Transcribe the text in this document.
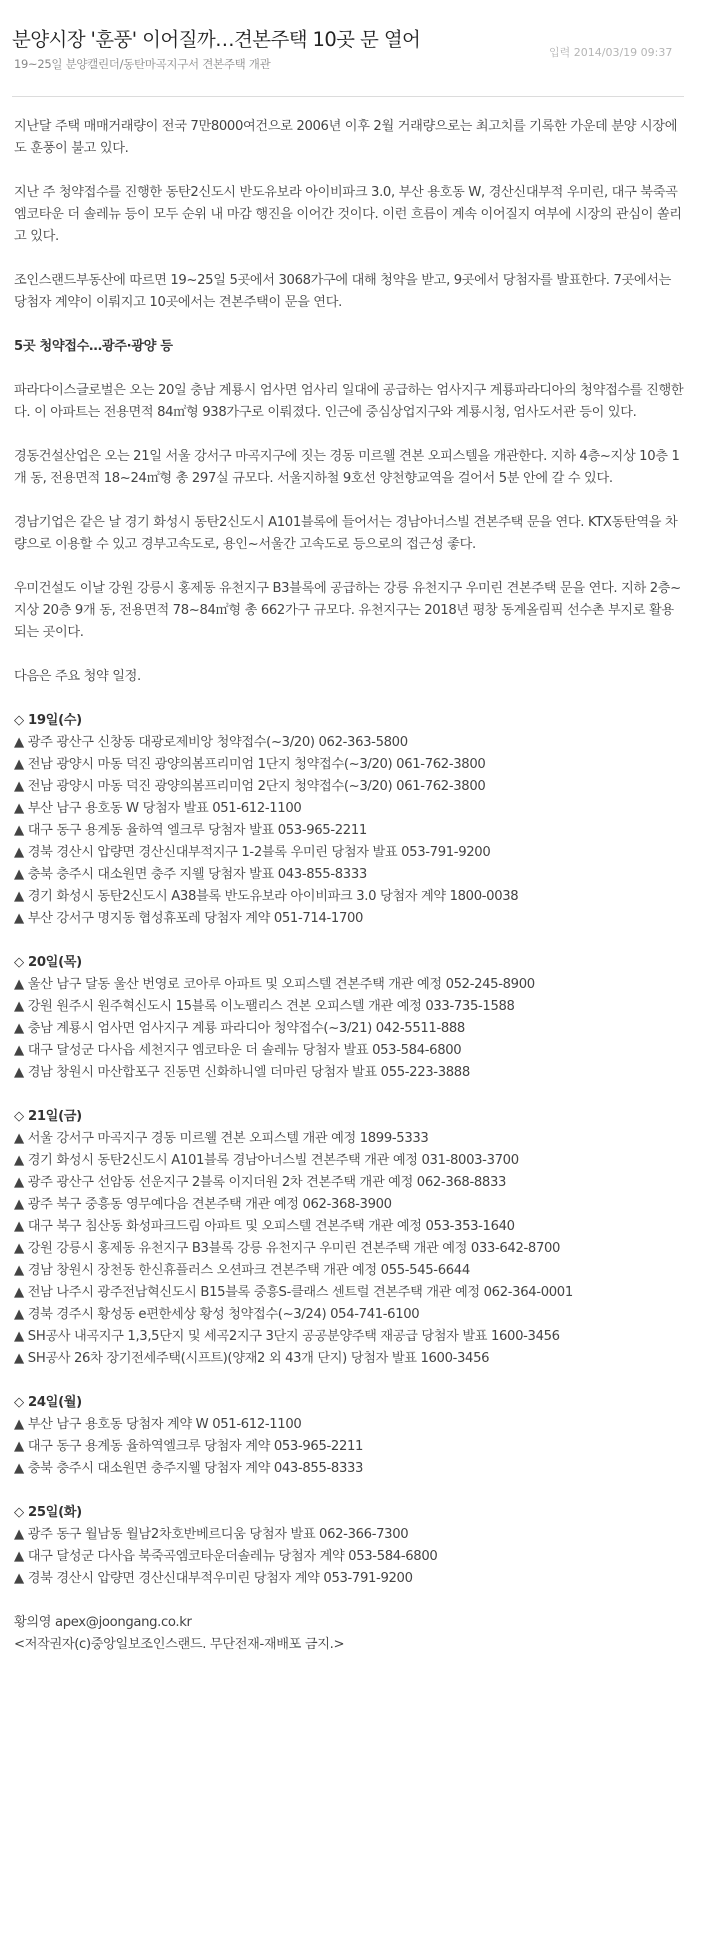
분양시장 '훈풍' 이어질까…견본주택 10곳 문 열어
입력 2014/03/19 09:37
19~25일 분양캘린더/동탄마곡지구서 견본주택 개관

지난달 주택 매매거래량이 전국 7만8000여건으로 2006년 이후 2월 거래량으로는 최고치를 기록한 가운데 분양 시장에도 훈풍이 불고 있다.

지난 주 청약접수를 진행한 동탄2신도시 반도유보라 아이비파크 3.0, 부산 용호동 W, 경산신대부적 우미린, 대구 북죽곡 엠코타운 더 솔레뉴 등이 모두 순위 내 마감 행진을 이어간 것이다. 이런 흐름이 계속 이어질지 여부에 시장의 관심이 쏠리고 있다.

조인스랜드부동산에 따르면 19~25일 5곳에서 3068가구에 대해 청약을 받고, 9곳에서 당첨자를 발표한다. 7곳에서는 당첨자 계약이 이뤄지고 10곳에서는 견본주택이 문을 연다.

5곳 청약접수…광주·광양 등

파라다이스글로벌은 오는 20일 충남 계룡시 엄사면 엄사리 일대에 공급하는 엄사지구 계룡파라디아의 청약접수를 진행한다. 이 아파트는 전용면적 84㎡형 938가구로 이뤄졌다. 인근에 중심상업지구와 계룡시청, 엄사도서관 등이 있다.

경동건설산업은 오는 21일 서울 강서구 마곡지구에 짓는 경동 미르웰 견본 오피스텔을 개관한다. 지하 4층~지상 10층 1개 동, 전용면적 18~24㎡형 총 297실 규모다. 서울지하철 9호선 양천향교역을 걸어서 5분 안에 갈 수 있다.

경남기업은 같은 날 경기 화성시 동탄2신도시 A101블록에 들어서는 경남아너스빌 견본주택 문을 연다. KTX동탄역을 차량으로 이용할 수 있고 경부고속도로, 용인~서울간 고속도로 등으로의 접근성 좋다.

우미건설도 이날 강원 강릉시 홍제동 유천지구 B3블록에 공급하는 강릉 유천지구 우미린 견본주택 문을 연다. 지하 2층~지상 20층 9개 동, 전용면적 78~84㎡형 총 662가구 규모다. 유천지구는 2018년 평창 동계올림픽 선수촌 부지로 활용되는 곳이다.

다음은 주요 청약 일정.

◇ 19일(수)

▲ 광주 광산구 신창동 대광로제비앙 청약접수(~3/20) 062-363-5800

▲ 전남 광양시 마동 덕진 광양의봄프리미엄 1단지 청약접수(~3/20) 061-762-3800

▲ 전남 광양시 마동 덕진 광양의봄프리미엄 2단지 청약접수(~3/20) 061-762-3800

▲ 부산 남구 용호동 W 당첨자 발표 051-612-1100

▲ 대구 동구 용계동 율하역 엘크루 당첨자 발표 053-965-2211

▲ 경북 경산시 압량면 경산신대부적지구 1-2블록 우미린 당첨자 발표 053-791-9200

▲ 충북 충주시 대소원면 충주 지웰 당첨자 발표 043-855-8333

▲ 경기 화성시 동탄2신도시 A38블록 반도유보라 아이비파크 3.0 당첨자 계약 1800-0038

▲ 부산 강서구 명지동 협성휴포레 당첨자 계약 051-714-1700

◇ 20일(목)

▲ 울산 남구 달동 울산 번영로 코아루 아파트 및 오피스텔 견본주택 개관 예정 052-245-8900

▲ 강원 원주시 원주혁신도시 15블록 이노팰리스 견본 오피스텔 개관 예정 033-735-1588

▲ 충남 계룡시 엄사면 엄사지구 계룡 파라디아 청약접수(~3/21) 042-5511-888

▲ 대구 달성군 다사읍 세천지구 엠코타운 더 솔레뉴 당첨자 발표 053-584-6800

▲ 경남 창원시 마산합포구 진동면 신화하니엘 더마린 당첨자 발표 055-223-3888

◇ 21일(금)

▲ 서울 강서구 마곡지구 경동 미르웰 견본 오피스텔 개관 예정 1899-5333

▲ 경기 화성시 동탄2신도시 A101블록 경남아너스빌 견본주택 개관 예정 031-8003-3700

▲ 광주 광산구 선암동 선운지구 2블록 이지더원 2차 견본주택 개관 예정 062-368-8833

▲ 광주 북구 중흥동 영무예다음 견본주택 개관 예정 062-368-3900

▲ 대구 북구 침산동 화성파크드림 아파트 및 오피스텔 견본주택 개관 예정 053-353-1640

▲ 강원 강릉시 홍제동 유천지구 B3블록 강릉 유천지구 우미린 견본주택 개관 예정 033-642-8700

▲ 경남 창원시 장천동 한신휴플러스 오션파크 견본주택 개관 예정 055-545-6644

▲ 전남 나주시 광주전남혁신도시 B15블록 중흥S-클래스 센트럴 견본주택 개관 예정 062-364-0001

▲ 경북 경주시 황성동 e편한세상 황성 청약접수(~3/24) 054-741-6100

▲ SH공사 내곡지구 1,3,5단지 및 세곡2지구 3단지 공공분양주택 재공급 당첨자 발표 1600-3456

▲ SH공사 26차 장기전세주택(시프트)(양재2 외 43개 단지) 당첨자 발표 1600-3456

◇ 24일(월)

▲ 부산 남구 용호동 당첨자 계약 W 051-612-1100

▲ 대구 동구 용계동 율하역엘크루 당첨자 계약 053-965-2211

▲ 충북 충주시 대소원면 충주지웰 당첨자 계약 043-855-8333

◇ 25일(화)

▲ 광주 동구 월남동 월남2차호반베르디움 당첨자 발표 062-366-7300

▲ 대구 달성군 다사읍 북죽곡엠코타운더솔레뉴 당첨자 계약 053-584-6800

▲ 경북 경산시 압량면 경산신대부적우미린 당첨자 계약 053-791-9200

황의영 apex@joongang.co.kr

<저작권자(c)중앙일보조인스랜드. 무단전재-재배포 금지.>
